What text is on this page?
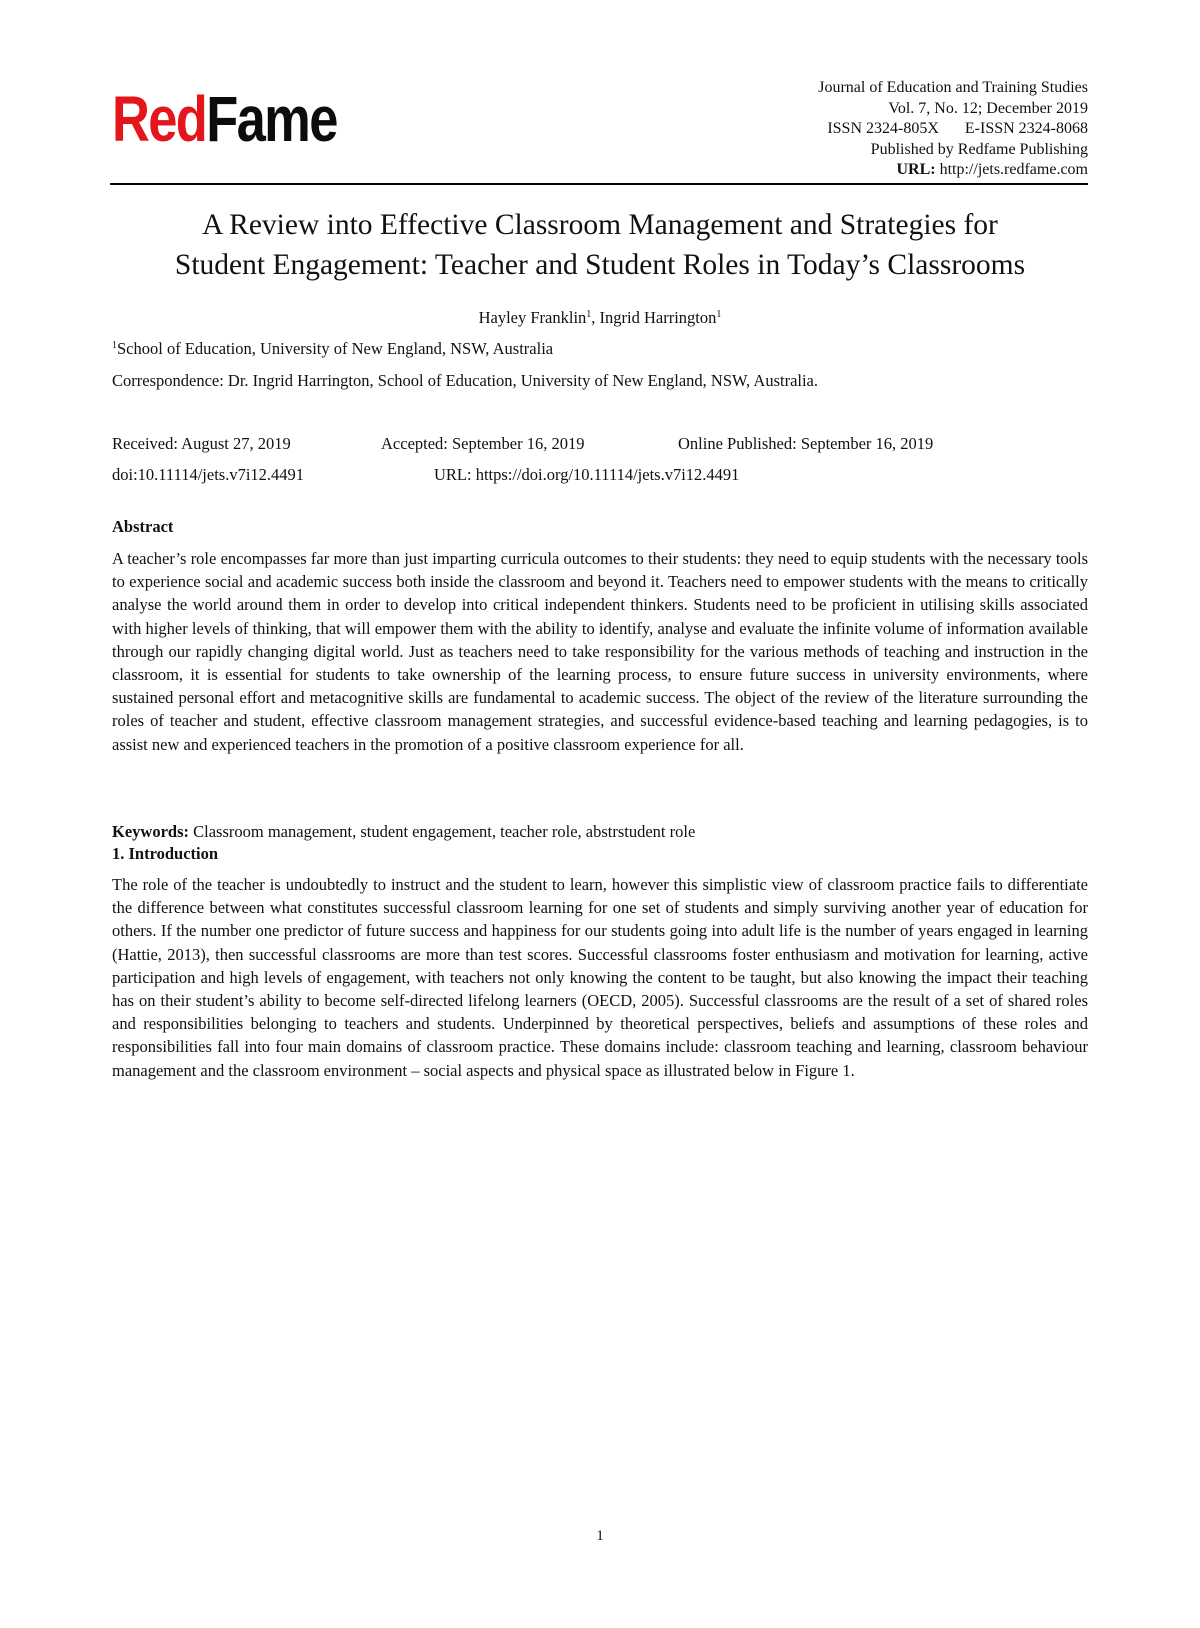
RedFame	Journal of Education and Training Studies
Vol. 7, No. 12; December 2019
ISSN 2324-805X E-ISSN 2324-8068
Published by Redfame Publishing
URL: http://jets.redfame.com
A Review into Effective Classroom Management and Strategies for
Student Engagement: Teacher and Student Roles in Today’s Classrooms
Hayley Franklin$^1$, Ingrid Harrington$^1$
$^1$School of Education, University of New England, NSW, Australia
Correspondence: Dr. Ingrid Harrington, School of Education, University of New England, NSW, Australia.
Received: August 27, 2019	Accepted: September 16, 2019	Online Published: September 16, 2019
doi:10.11114/jets.v7i12.4491	URL: https://doi.org/10.11114/jets.v7i12.4491
Abstract

A teacher’s role encompasses far more than just imparting curricula outcomes to their students: they need to equip students with the necessary tools to experience social and academic success both inside the classroom and beyond it. Teachers need to empower students with the means to critically analyse the world around them in order to develop into critical independent thinkers. Students need to be proficient in utilising skills associated with higher levels of thinking, that will empower them with the ability to identify, analyse and evaluate the infinite volume of information available through our rapidly changing digital world. Just as teachers need to take responsibility for the various methods of teaching and instruction in the classroom, it is essential for students to take ownership of the learning process, to ensure future success in university environments, where sustained personal effort and metacognitive skills are fundamental to academic success. The object of the review of the literature surrounding the roles of teacher and student, effective classroom management strategies, and successful evidence-based teaching and learning pedagogies, is to assist new and experienced teachers in the promotion of a positive classroom experience for all.

Keywords: Classroom management, student engagement, teacher role, abstrstudent role
1. Introduction

The role of the teacher is undoubtedly to instruct and the student to learn, however this simplistic view of classroom practice fails to differentiate the difference between what constitutes successful classroom learning for one set of students and simply surviving another year of education for others. If the number one predictor of future success and happiness for our students going into adult life is the number of years engaged in learning (Hattie, 2013), then successful classrooms are more than test scores. Successful classrooms foster enthusiasm and motivation for learning, active participation and high levels of engagement, with teachers not only knowing the content to be taught, but also knowing the impact their teaching has on their student’s ability to become self-directed lifelong learners (OECD, 2005). Successful classrooms are the result of a set of shared roles and responsibilities belonging to teachers and students. Underpinned by theoretical perspectives, beliefs and assumptions of these roles and responsibilities fall into four main domains of classroom practice. These domains include: classroom teaching and learning, classroom behaviour management and the classroom environment – social aspects and physical space as illustrated below in Figure 1.

1
